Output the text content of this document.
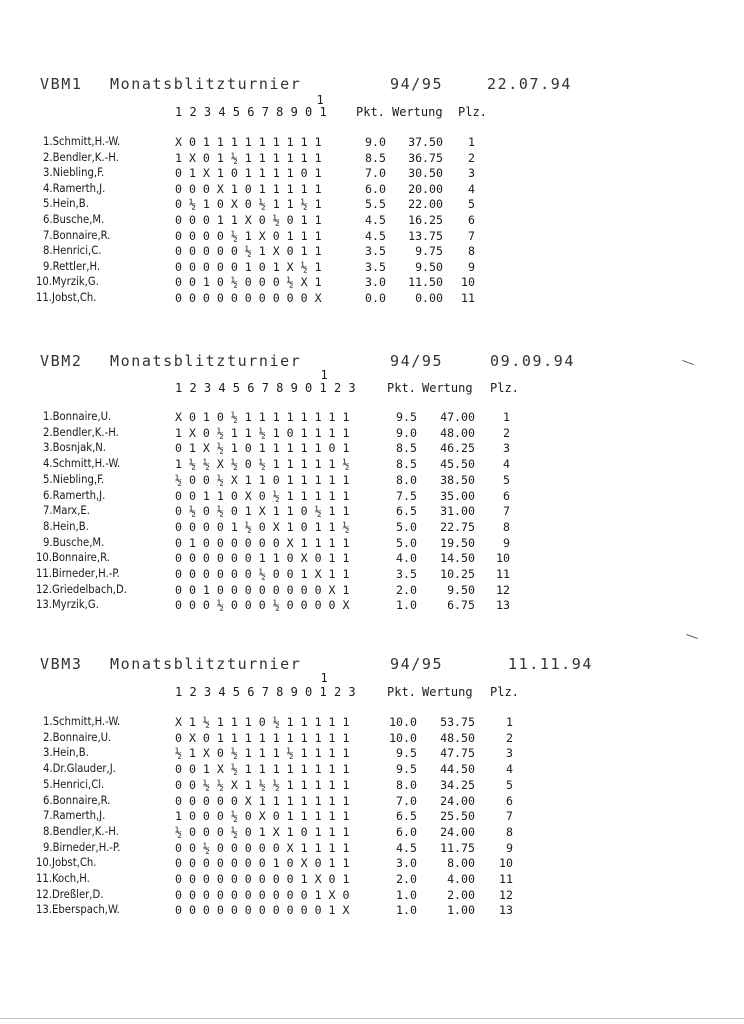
VBM1 Monatsblitzturnier	94/95	22.07.94
1
1 2 3 4 5 6 7 8 9 0 1 Pkt. Wertung Plz.
1.Schmitt,H.-W.	X 0 1 1 1 1 1 1 1 1 1	9.0 37.50 1
2.Bendler,K.-H.	1 X 0 1 ½ 1 1 1 1 1 1	8.5 36.75 2
3.Niebling,F.	0 1 X 1 0 1 1 1 1 0 1	7.0 30.50 3
4.Ramerth,J.	0 0 0 X 1 0 1 1 1 1 1	6.0 20.00 4
5.Hein,B.	0 ½ 1 0 X 0 ½ 1 1 ½ 1	5.5 22.00 5
6.Busche,M.	0 0 0 1 1 X 0 ½ 0 1 1	4.5 16.25 6
7.Bonnaire,R.	0 0 0 0 ½ 1 X 0 1 1 1	4.5 13.75 7
8.Henrici,C.	0 0 0 0 0 ½ 1 X 0 1 1	3.5	9.75 8
9.Rettler,H.	0 0 0 0 0 1 0 1 X ½ 1	3.5	9.50 9
10.Myrzik,G.	0 0 1 0 ½ 0 0 0 ½ X 1	3.0 11.50 10
11.Jobst,Ch.	0 0 0 0 0 0 0 0 0 0 X	0.0	0.00 11
VBM2 Monatsblitzturnier	94/95	09.09.94
1
1 2 3 4 5 6 7 8 9 0 1 2 3	Pkt. Wertung Plz.
1.Bonnaire,U.	X 0 1 0 ½ 1 1 1 1 1 1 1 1	9.5 47.00 1
2.Bendler,K.-H.	1 X 0 ½ 1 1 ½ 1 0 1 1 1 1	9.0 48.00 2
3.Bosnjak,N.	0 1 X ½ 1 0 1 1 1 1 1 0 1	8.5 46.25 3
4.Schmitt,H.-W.	1 ½ ½ X ½ 0 ½ 1 1 1 1 1 ½	8.5 45.50 4
5.Niebling,F.	½ 0 0 ½ X 1 1 0 1 1 1 1 1	8.0 38.50 5
6.Ramerth,J.	0 0 1 1 0 X 0 ½ 1 1 1 1 1	7.5 35.00 6
7.Marx,E.	0 ½ 0 ½ 0 1 X 1 1 0 ½ 1 1	6.5 31.00 7
8.Hein,B.	0 0 0 0 1 ½ 0 X 1 0 1 1 ½	5.0 22.75 8
9.Busche,M.	0 1 0 0 0 0 0 0 X 1 1 1 1	5.0 19.50 9
10.Bonnaire,R.	0 0 0 0 0 0 1 1 0 X 0 1 1	4.0 14.50 10
11.Birneder,H.-P.	0 0 0 0 0 0 ½ 0 0 1 X 1 1	3.5 10.25 11
12.Griedelbach,D.	0 0 1 0 0 0 0 0 0 0 0 X 1	2.0	9.50 12
13.Myrzik,G.	0 0 0 ½ 0 0 0 ½ 0 0 0 0 X	1.0	6.75 13
VBM3 Monatsblitzturnier	94/95	11.11.94
1
1 2 3 4 5 6 7 8 9 0 1 2 3	Pkt. Wertung Plz.
1.Schmitt,H.-W.	X 1 ½ 1 1 1 0 ½ 1 1 1 1 1	10.0 53.75	1
2.Bonnaire,U.	0 X 0 1 1 1 1 1 1 1 1 1 1	10.0 48.50	2
3.Hein,B.	½ 1 X 0 ½ 1 1 1 ½ 1 1 1 1	9.5 47.75	3
4.Dr.Glauder,J.	0 0 1 X ½ 1 1 1 1 1 1 1 1	9.5 44.50	4
5.Henrici,Cl.	0 0 ½ ½ X 1 ½ ½ 1 1 1 1 1	8.0 34.25	5
6.Bonnaire,R.	0 0 0 0 0 X 1 1 1 1 1 1 1	7.0 24.00	6
7.Ramerth,J.	1 0 0 0 ½ 0 X 0 1 1 1 1 1	6.5 25.50	7
8.Bendler,K.-H.	½ 0 0 0 ½ 0 1 X 1 0 1 1 1	6.0 24.00	8
9.Birneder,H.-P.	0 0 ½ 0 0 0 0 0 X 1 1 1 1	4.5 11.75	9
10.Jobst,Ch.	0 0 0 0 0 0 0 1 0 X 0 1 1	3.0	8.00 10
11.Koch,H.	0 0 0 0 0 0 0 0 0 1 X 0 1	2.0	4.00 11
12.Dreßler,D.	0 0 0 0 0 0 0 0 0 0 1 X 0	1.0	2.00 12
13.Eberspach,W.	0 0 0 0 0 0 0 0 0 0 0 1 X	1.0	1.00 13
